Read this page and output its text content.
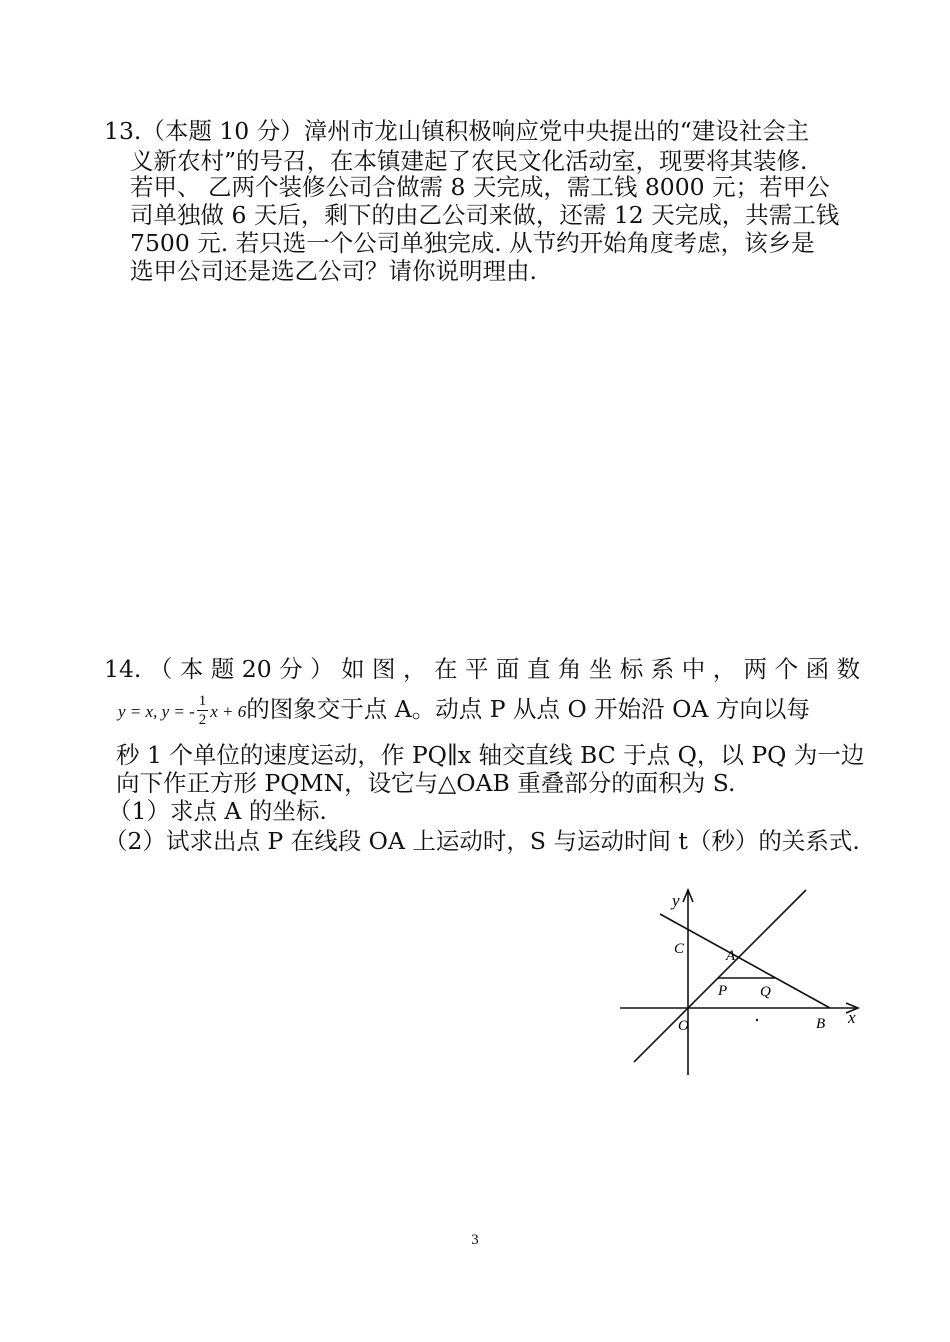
13.（本题 10 分）漳州市龙山镇积极响应党中央提出的“建设社会主
义新农村”的号召，在本镇建起了农民文化活动室，现要将其装修.
若甲、 乙两个装修公司合做需 8 天完成，需工钱 8000 元；若甲公
司单独做 6 天后，剩下的由乙公司来做，还需 12 天完成，共需工钱
7500 元. 若只选一个公司单独完成. 从节约开始角度考虑，该乡是
选甲公司还是选乙公司？请你说明理由.
14. （ 本 题 20 分 ） 如 图 ， 在 平 面 直 角 坐 标 系 中 ， 两 个 函 数
y = x, y = - $\frac{1}{2}$ x + 6的图象交于点 A。动点 P 从点 O 开始沿 OA 方向以每
秒 1 个单位的速度运动，作 PQ∥x 轴交直线 BC 于点 Q，以 PQ 为一边
向下作正方形 PQMN，设它与△OAB 重叠部分的面积为 S.
（1）求点 A 的坐标.
（2）试求出点 P 在线段 OA 上运动时，S 与运动时间 t（秒）的关系式.
y
C	A
P Q
O	B x
3
